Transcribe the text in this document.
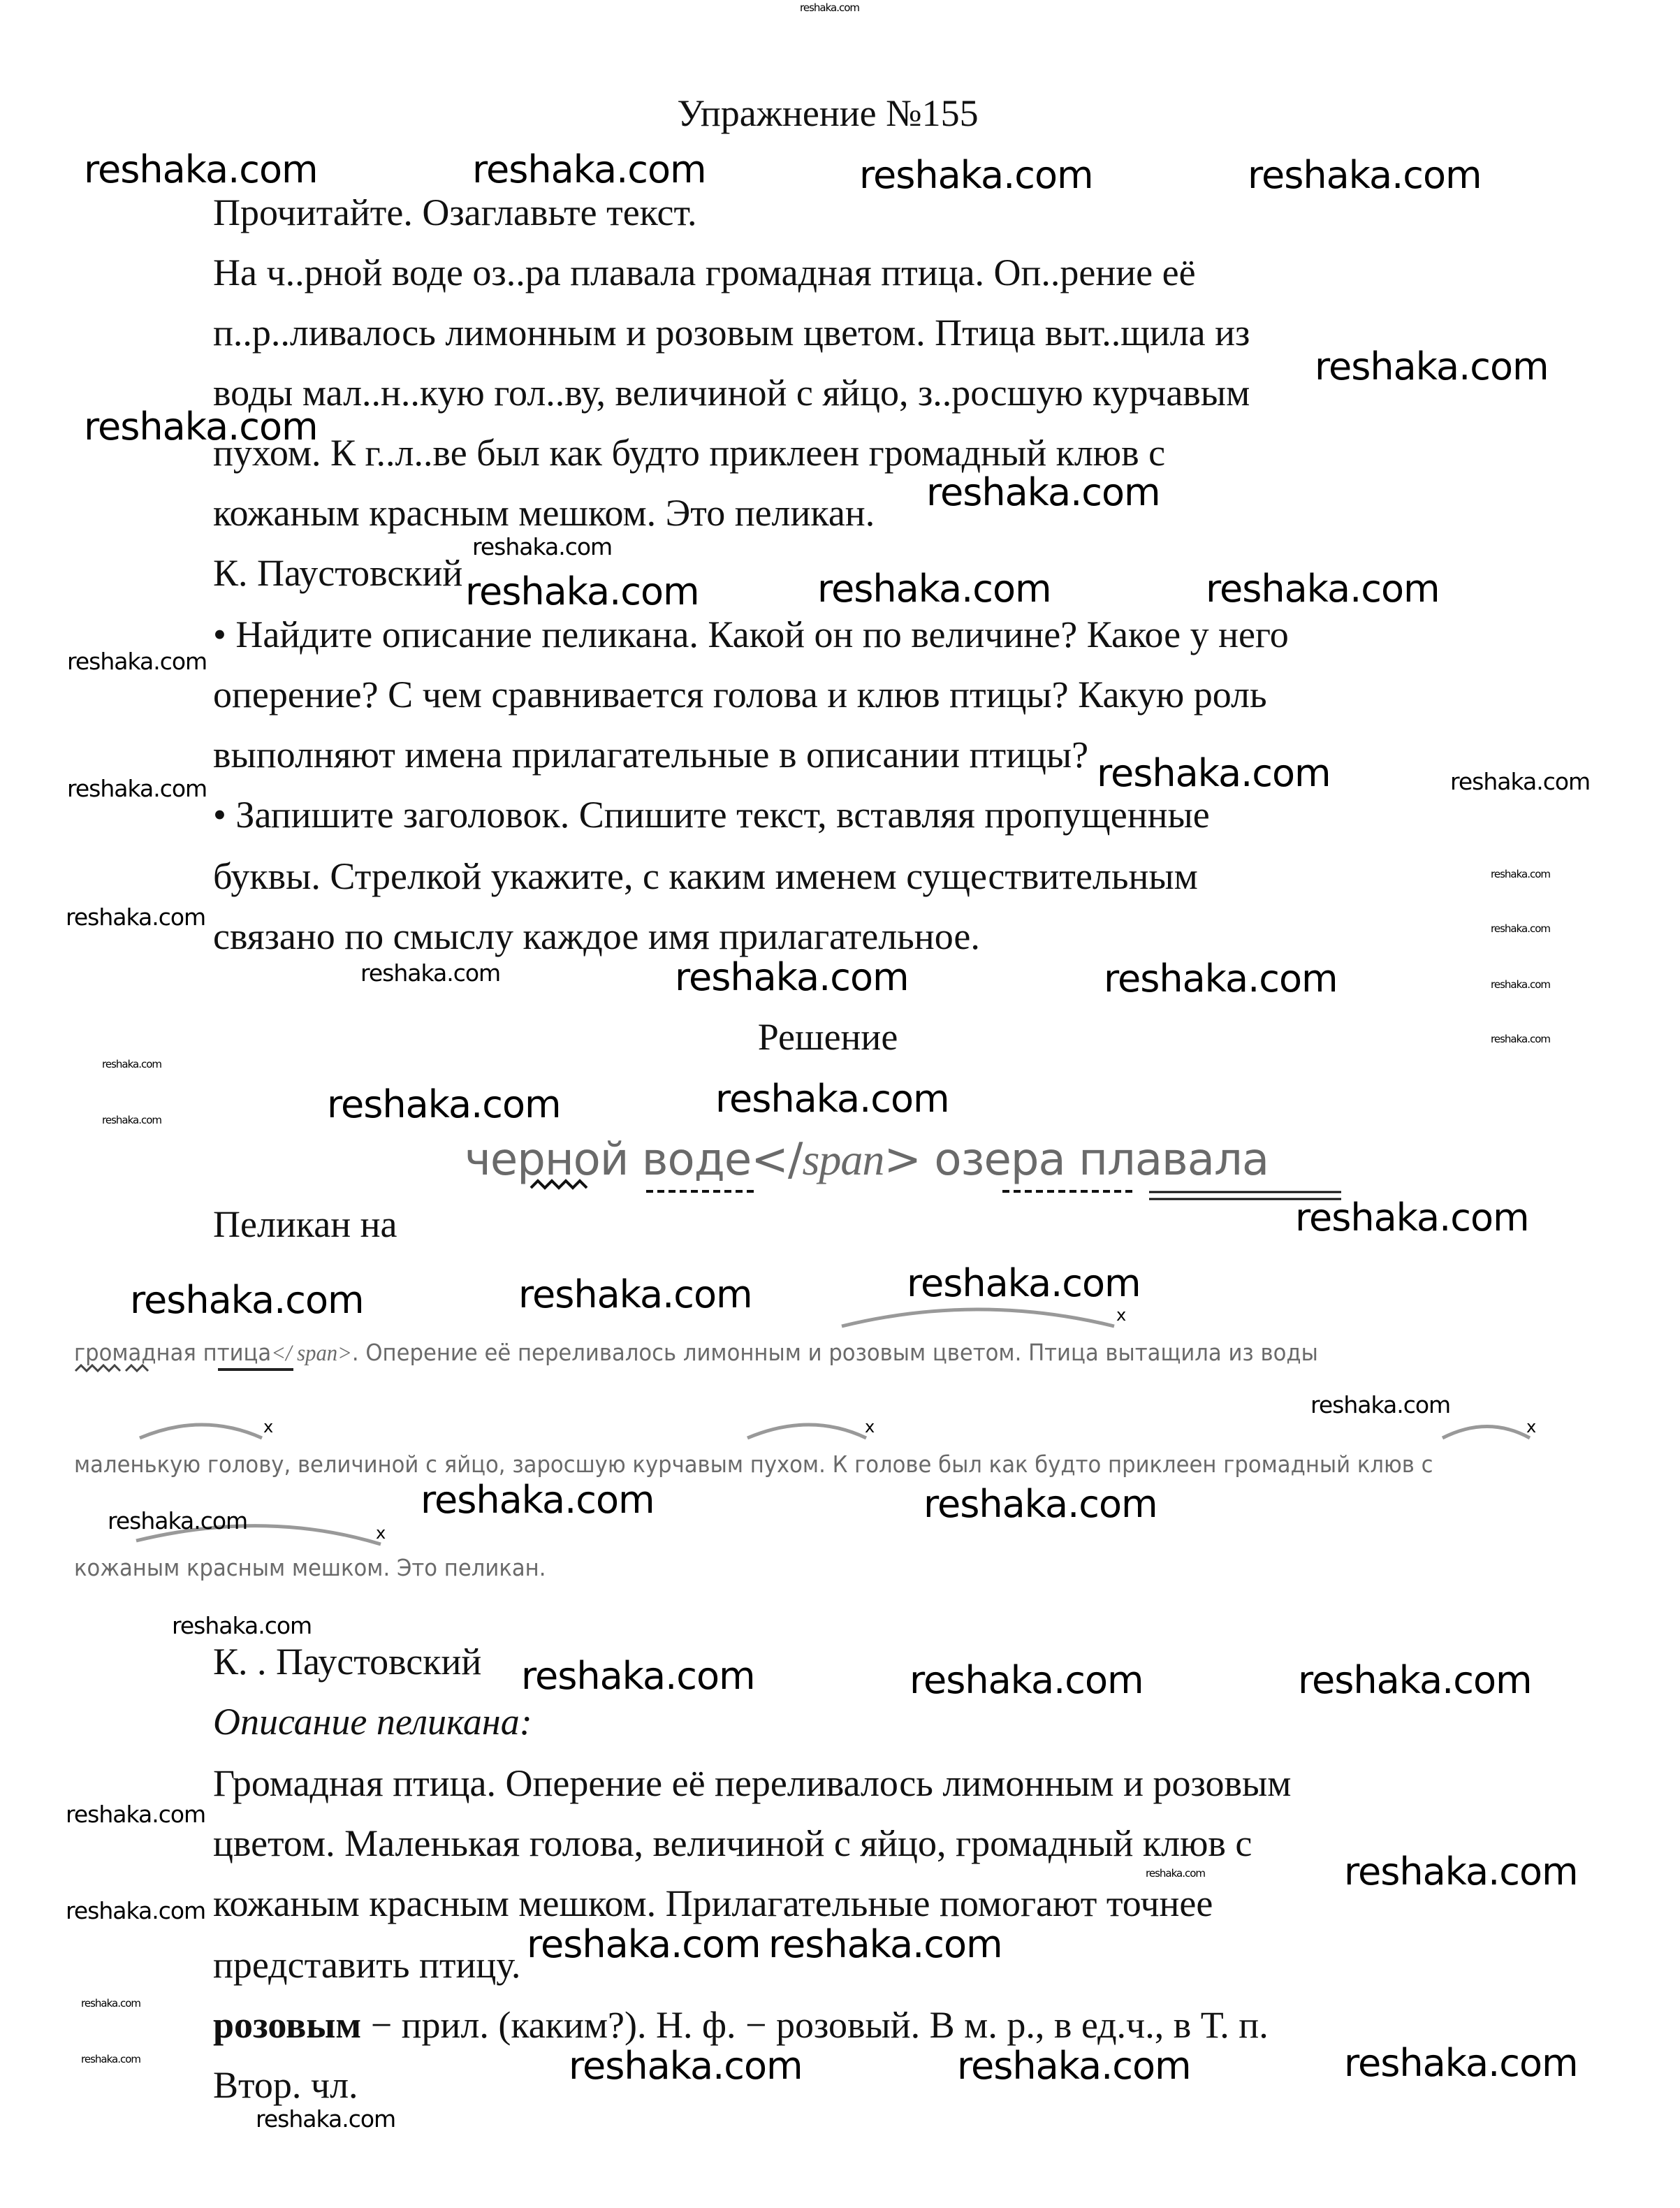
Упражнение №155
Прочитайте. Озаглавьте текст.
На ч..рной воде оз..ра плавала громадная птица. Оп..рение её
п..р..ливалось лимонным и розовым цветом. Птица выт..щила из
воды мал..н..кую гол..ву, величиной с яйцо, з..росшую курчавым
пухом. К г..л..ве был как будто приклеен громадный клюв с
кожаным красным мешком. Это пеликан.
К. Паустовский
• Найдите описание пеликана. Какой он по величине? Какое у него
оперение? С чем сравнивается голова и клюв птицы? Какую роль
выполняют имена прилагательные в описании птицы?
• Запишите заголовок. Спишите текст, вставляя пропущенные
буквы. Стрелкой укажите, с каким именем существительным
связано по смыслу каждое имя прилагательное.
Решение
черной воде</span> озера плавала
Пеликан на
громадная птица</ span>. Оперение её переливалось лимонным и розовым цветом. Птица вытащила из воды
маленькую голову, величиной с яйцо, заросшую курчавым пухом. К голове был как будто приклеен громадный клюв с
кожаным красным мешком. Это пеликан.
x
x	x	x
x
К. . Паустовский
Описание пеликана:
Громадная птица. Оперение её переливалось лимонным и розовым
цветом. Маленькая голова, величиной с яйцо, громадный клюв с
кожаным красным мешком. Прилагательные помогают точнее
представить птицу.
розовым − прил. (каким?). Н. ф. − розовый. В м. р., в ед.ч., в Т. п.
Втор. чл.
reshaka.com
reshaka.com	reshaka.com	reshaka.com
reshaka.com
reshaka.com
reshaka.com
reshaka.com
reshaka.com	reshaka.com
reshaka.com
reshaka.com
reshaka.com	reshaka.com
reshaka.com	reshaka.com
reshaka.com
reshaka.com	reshaka.com	reshaka.com
reshaka.com	reshaka.com
reshaka.com	reshaka.com	reshaka.com
reshaka.com reshaka.com
reshaka.com
reshaka.com	reshaka.com	reshaka.com
reshaka.com
reshaka.com
reshaka.com
reshaka.com
reshaka.com
reshaka.com
reshaka.com
reshaka.com
reshaka.com
reshaka.com
reshaka.com
reshaka.com
reshaka.com
reshaka.com
reshaka.com
reshaka.com
reshaka.com
reshaka.com
reshaka.com
reshaka.com
reshaka.com
